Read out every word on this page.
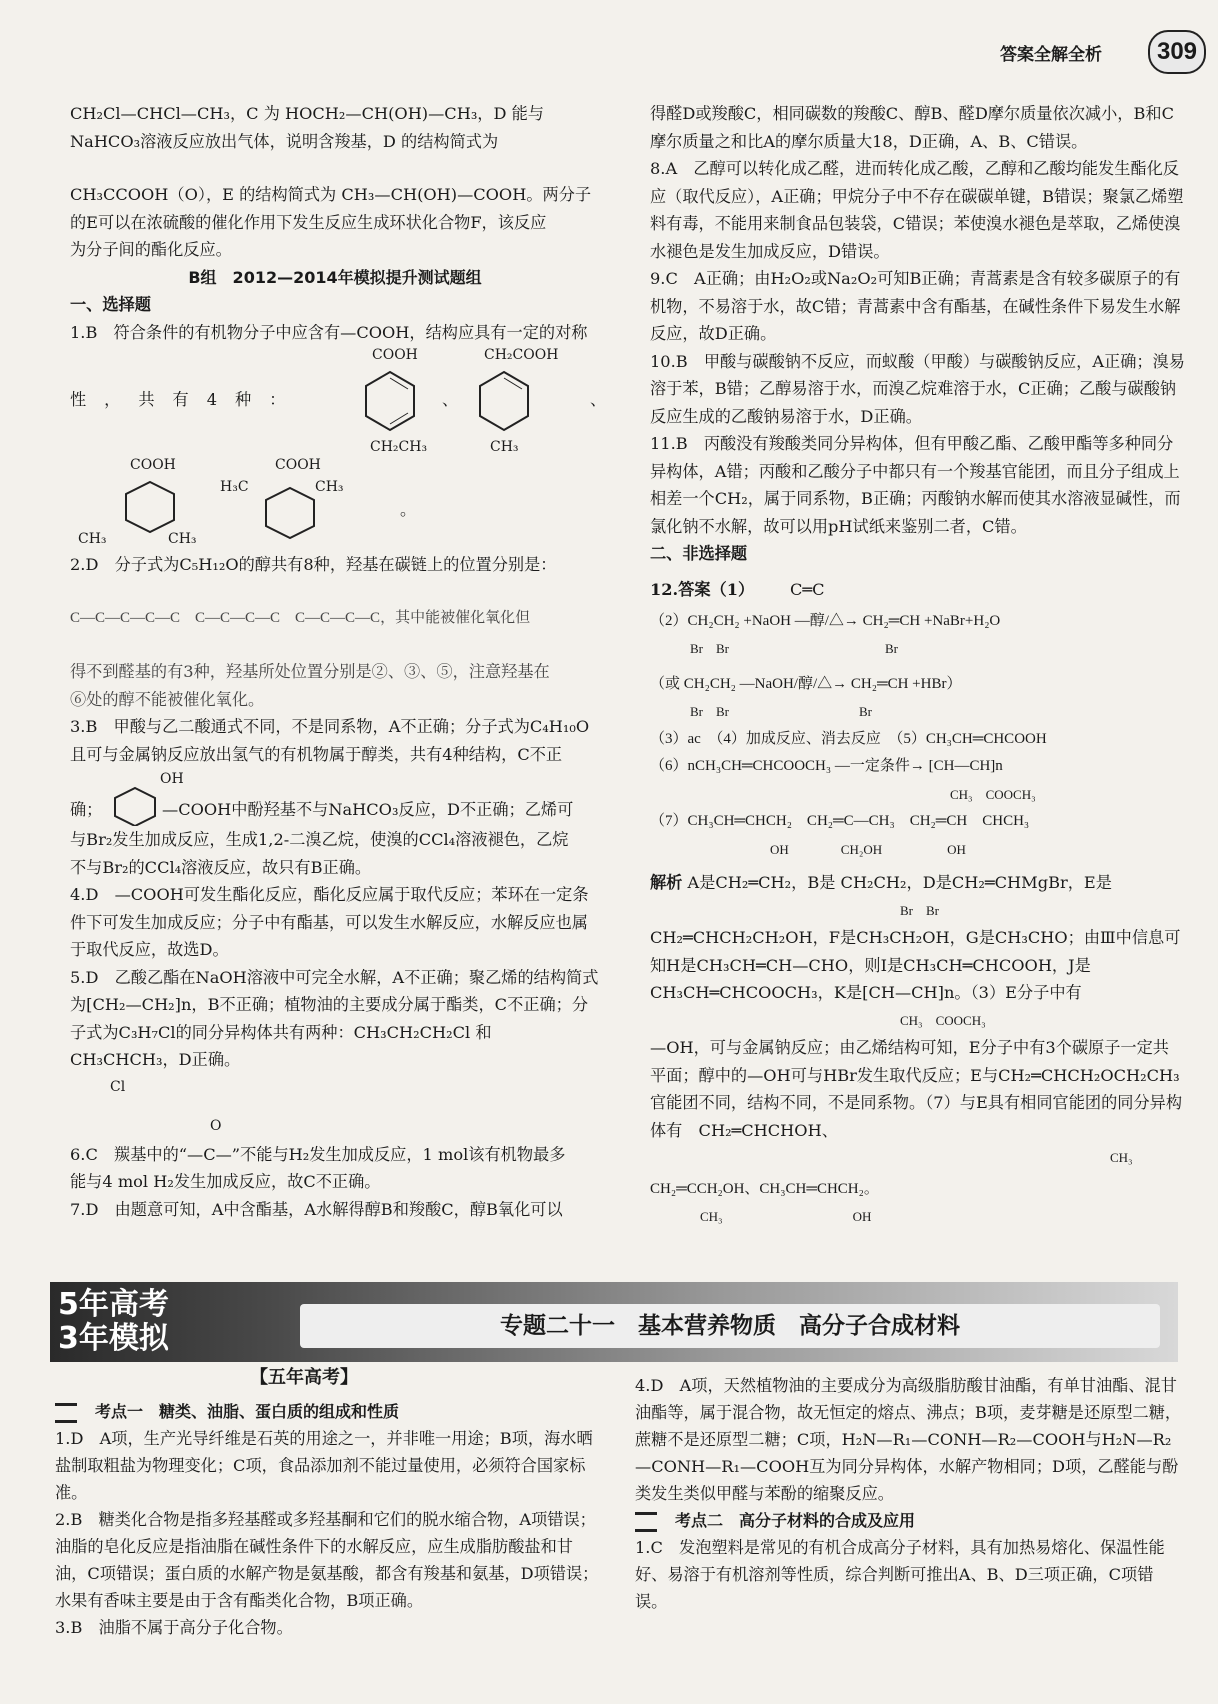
答案全解全析	309

CH₂Cl—CHCl—CH₃，C 为 HOCH₂—CH(OH)—CH₃，D 能与

NaHCO₃溶液反应放出气体，说明含羧基，D 的结构简式为

CH₃CCOOH（O），E 的结构简式为 CH₃—CH(OH)—COOH。两分子

的E可以在浓硫酸的催化作用下发生反应生成环状化合物F，该反应

为分子间的酯化反应。

B组　2012—2014年模拟提升测试题组

一、选择题

1.B　符合条件的有机物分子中应含有—COOH，结构应具有一定的对称

性，共有4种：
COOH
CH₂CH₃
、
CH₂COOH
CH₃
、
COOH
CH₃	CH₃
COOH
H₃C	CH₃
。

2.D　分子式为C₅H₁₂O的醇共有8种，羟基在碳链上的位置分别是：

C—C—C—C—C　C—C—C—C　C—C—C—C，其中能被催化氧化但

得不到醛基的有3种，羟基所处位置分别是②、③、⑤，注意羟基在

⑥处的醇不能被催化氧化。

3.B　甲酸与乙二酸通式不同，不是同系物，A不正确；分子式为C₄H₁₀O

且可与金属钠反应放出氢气的有机物属于醇类，共有4种结构，C不正

OH
确；	—COOH中酚羟基不与NaHCO₃反应，D不正确；乙烯可

与Br₂发生加成反应，生成1,2-二溴乙烷，使溴的CCl₄溶液褪色，乙烷

不与Br₂的CCl₄溶液反应，故只有B正确。

4.D　—COOH可发生酯化反应，酯化反应属于取代反应；苯环在一定条件下可发生加成反应；分子中有酯基，可以发生水解反应，水解反应也属于取代反应，故选D。

5.D　乙酸乙酯在NaOH溶液中可完全水解，A不正确；聚乙烯的结构简式为[CH₂—CH₂]n，B不正确；植物油的主要成分属于酯类，C不正确；分子式为C₃H₇Cl的同分异构体共有两种：CH₃CH₂CH₂Cl 和

CH₃CHCH₃，D正确。

Cl

O

6.C　羰基中的“—C—”不能与H₂发生加成反应，1 mol该有机物最多

能与4 mol H₂发生加成反应，故C不正确。

7.D　由题意可知，A中含酯基，A水解得醇B和羧酸C，醇B氧化可以

得醛D或羧酸C，相同碳数的羧酸C、醇B、醛D摩尔质量依次减小，B和C摩尔质量之和比A的摩尔质量大18，D正确，A、B、C错误。

8.A　乙醇可以转化成乙醛，进而转化成乙酸，乙醇和乙酸均能发生酯化反应（取代反应），A正确；甲烷分子中不存在碳碳单键，B错误；聚氯乙烯塑料有毒，不能用来制食品包装袋，C错误；苯使溴水褪色是萃取，乙烯使溴水褪色是发生加成反应，D错误。

9.C　A正确；由H₂O₂或Na₂O₂可知B正确；青蒿素是含有较多碳原子的有机物，不易溶于水，故C错；青蒿素中含有酯基，在碱性条件下易发生水解反应，故D正确。

10.B　甲酸与碳酸钠不反应，而蚁酸（甲酸）与碳酸钠反应，A正确；溴易溶于苯，B错；乙醇易溶于水，而溴乙烷难溶于水，C正确；乙酸与碳酸钠反应生成的乙酸钠易溶于水，D正确。

11.B　丙酸没有羧酸类同分异构体，但有甲酸乙酯、乙酸甲酯等多种同分异构体，A错；丙酸和乙酸分子中都只有一个羧基官能团，而且分子组成上相差一个CH₂，属于同系物，B正确；丙酸钠水解而使其水溶液显碱性，而氯化钠不水解，故可以用pH试纸来鉴别二者，C错。

二、非选择题

12.答案（1） C═C

（2）CH₂CH₂ +NaOH —醇/△→ CH₂═CH +NaBr+H₂O

Br　Br　　　　　　　　　　　　Br

（或 CH₂CH₂ —NaOH/醇/△→ CH₂═CH +HBr）

Br　Br　　　　　　　　　　Br

（3）ac　（4）加成反应、消去反应　（5）CH₃CH═CHCOOH

（6）nCH₃CH═CHCOOCH₃ —一定条件→ [CH—CH]n

CH₃　COOCH₃

（7）CH₃CH═CHCH₂　CH₂═C—CH₃　CH₂═CH　CHCH₃

OH　　　　CH₂OH　　　　　OH

解析 A是CH₂═CH₂，B是 CH₂CH₂，D是CH₂═CHMgBr，E是

Br　Br

CH₂═CHCH₂CH₂OH，F是CH₃CH₂OH，G是CH₃CHO；由Ⅲ中信息可知H是CH₃CH═CH—CHO，则I是CH₃CH═CHCOOH，J是CH₃CH═CHCOOCH₃，K是[CH—CH]n。（3）E分子中有

CH₃　COOCH₃

—OH，可与金属钠反应；由乙烯结构可知，E分子中有3个碳原子一定共平面；醇中的—OH可与HBr发生取代反应；E与CH₂═CHCH₂OCH₂CH₃官能团不同，结构不同，不是同系物。（7）与E具有相同官能团的同分异构体有　CH₂═CHCHOH、

CH₃

CH₂═CCH₂OH、CH₃CH═CHCH₂。

CH₃　　　　　　　　　　OH

5年高考
3年模拟	专题二十一　基本营养物质　高分子合成材料
【五年高考】

考点一　糖类、油脂、蛋白质的组成和性质

1.D　A项，生产光导纤维是石英的用途之一，并非唯一用途；B项，海水晒盐制取粗盐为物理变化；C项，食品添加剂不能过量使用，必须符合国家标准。

2.B　糖类化合物是指多羟基醛或多羟基酮和它们的脱水缩合物，A项错误；油脂的皂化反应是指油脂在碱性条件下的水解反应，应生成脂肪酸盐和甘油，C项错误；蛋白质的水解产物是氨基酸，都含有羧基和氨基，D项错误；水果有香味主要是由于含有酯类化合物，B项正确。

3.B　油脂不属于高分子化合物。

4.D　A项，天然植物油的主要成分为高级脂肪酸甘油酯，有单甘油酯、混甘油酯等，属于混合物，故无恒定的熔点、沸点；B项，麦芽糖是还原型二糖，蔗糖不是还原型二糖；C项，H₂N—R₁—CONH—R₂—COOH与H₂N—R₂—CONH—R₁—COOH互为同分异构体，水解产物相同；D项，乙醛能与酚类发生类似甲醛与苯酚的缩聚反应。

考点二　高分子材料的合成及应用

1.C　发泡塑料是常见的有机合成高分子材料，具有加热易熔化、保温性能好、易溶于有机溶剂等性质，综合判断可推出A、B、D三项正确，C项错误。
